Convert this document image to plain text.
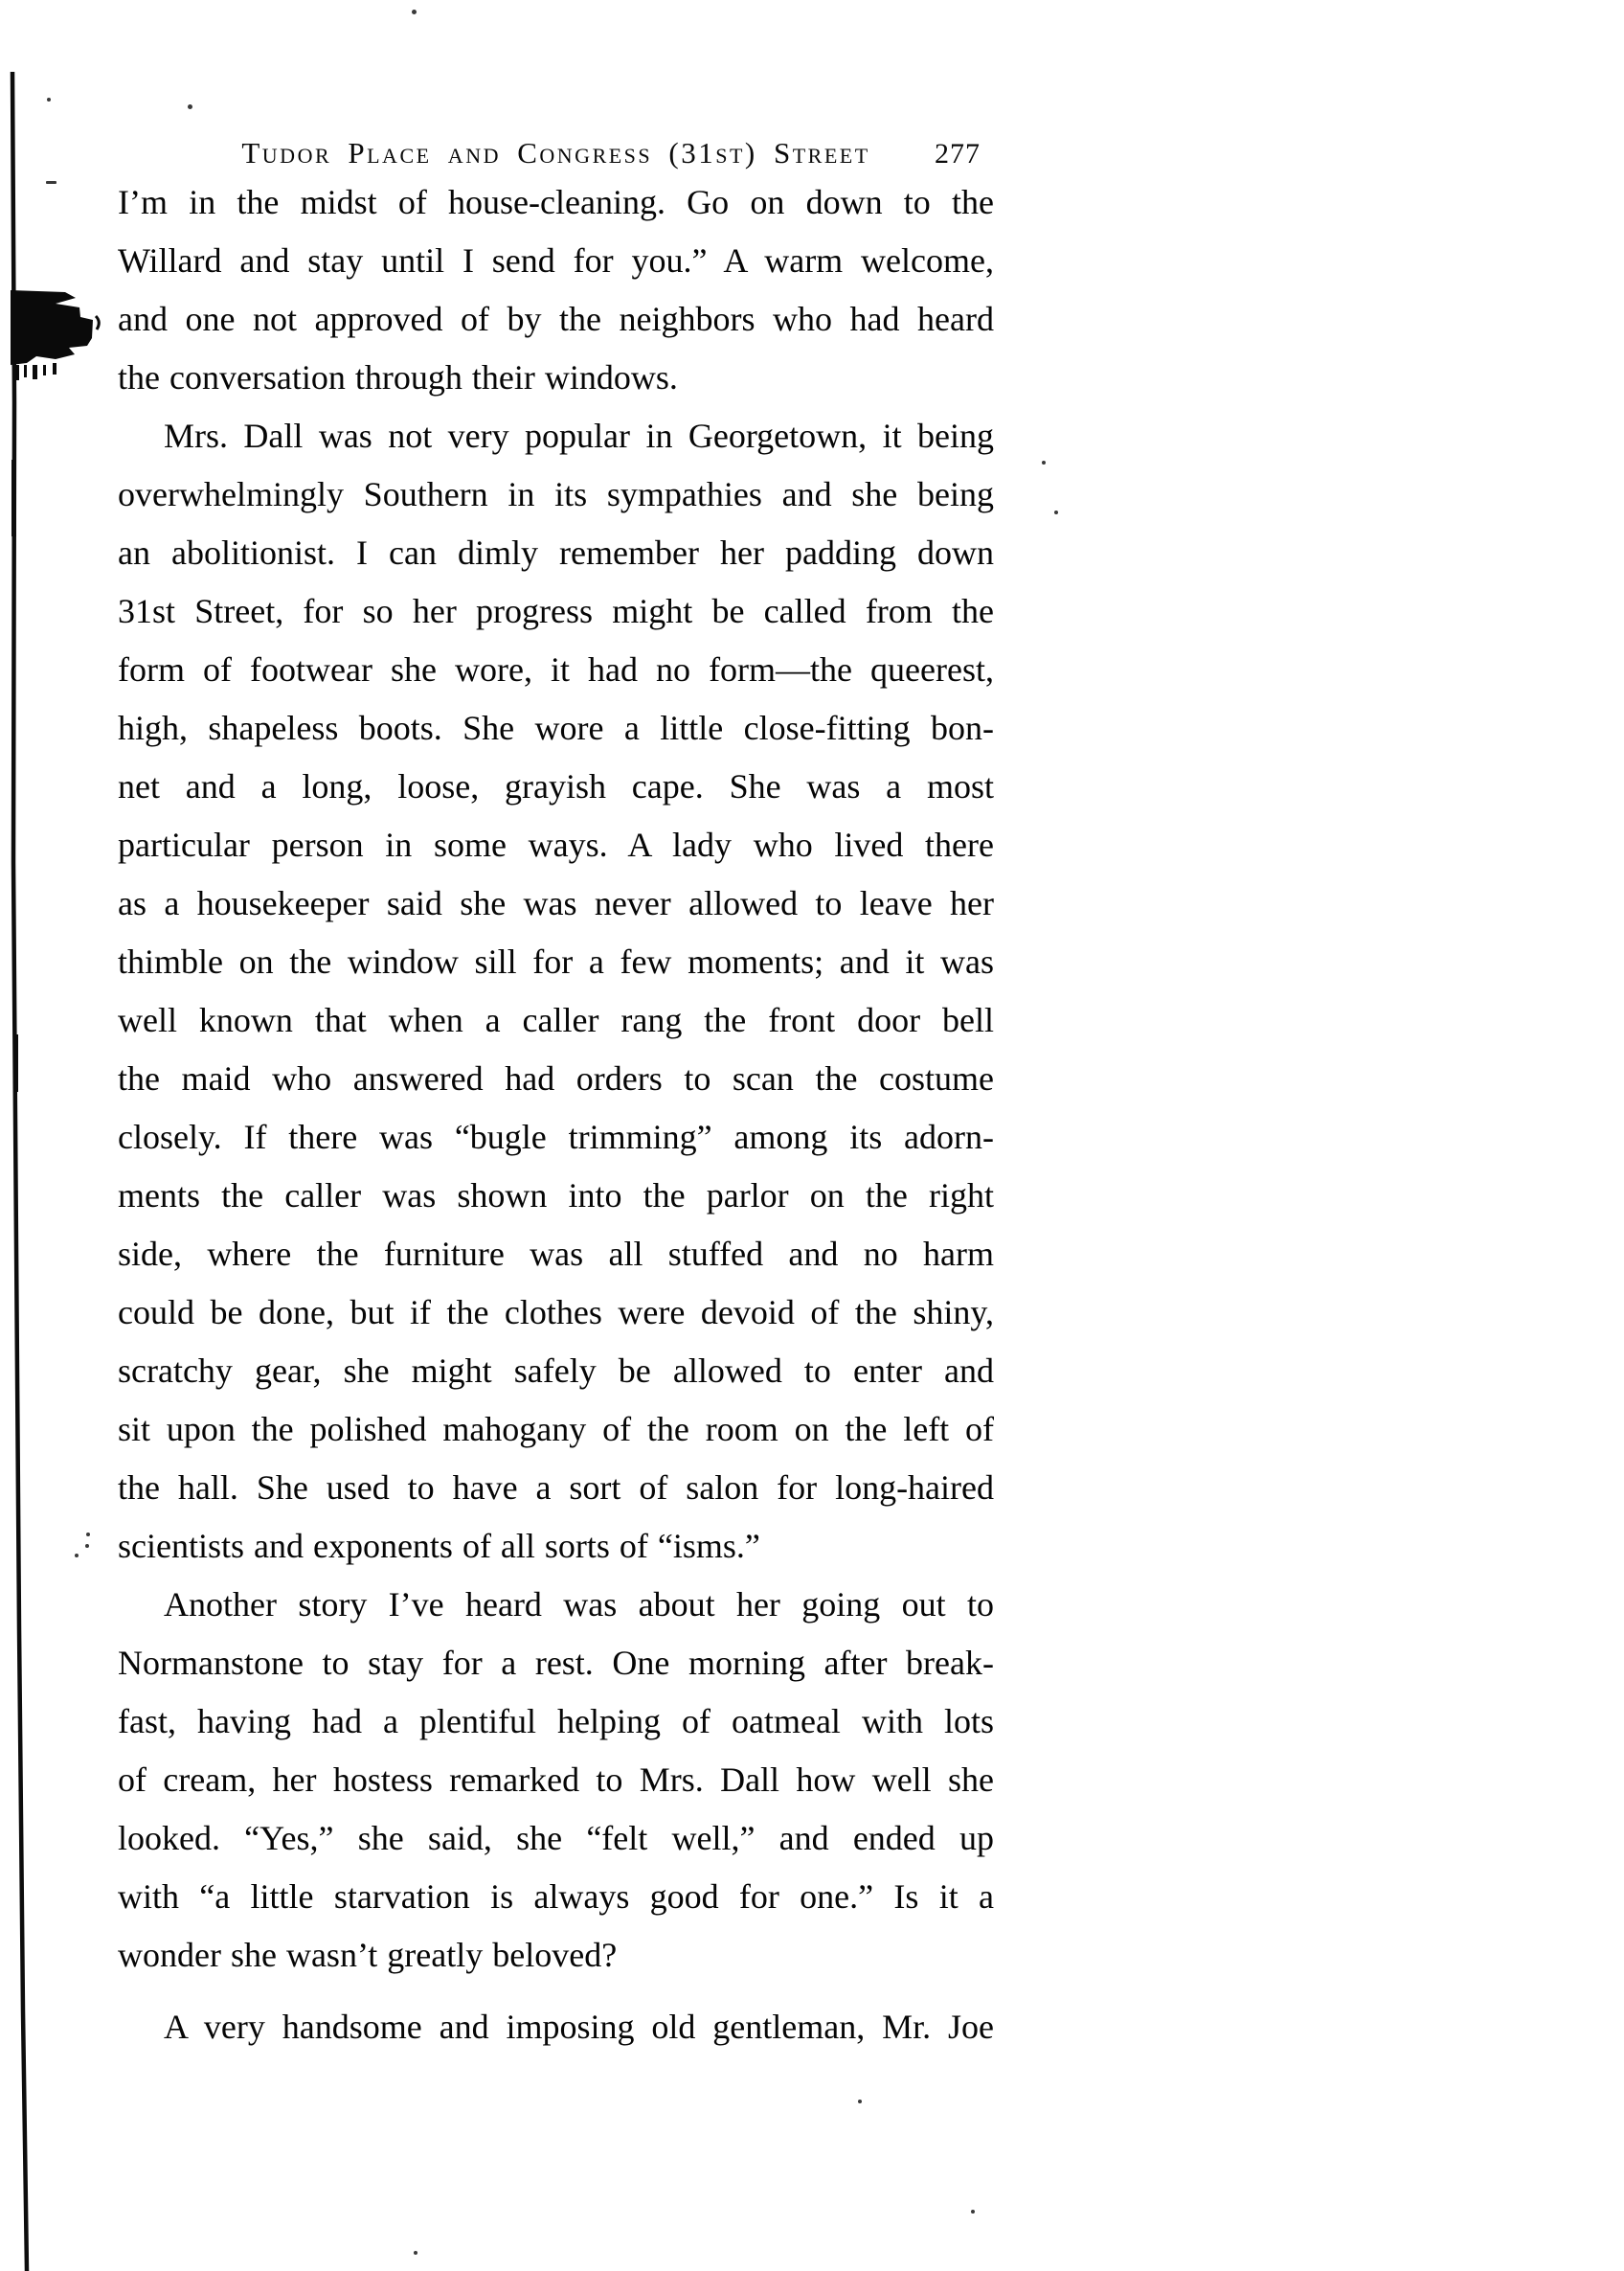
Tudor Place and Congress (31st) Street	277
I’m in the midst of house-cleaning. Go on down to the
Willard and stay until I send for you.” A warm welcome,
and one not approved of by the neighbors who had heard
the conversation through their windows.
Mrs. Dall was not very popular in Georgetown, it being
overwhelmingly Southern in its sympathies and she being
an abolitionist. I can dimly remember her padding down
31st Street, for so her progress might be called from the
form of footwear she wore, it had no form—the queerest,
high, shapeless boots. She wore a little close-fitting bon-
net and a long, loose, grayish cape. She was a most
particular person in some ways. A lady who lived there
as a housekeeper said she was never allowed to leave her
thimble on the window sill for a few moments; and it was
well known that when a caller rang the front door bell
the maid who answered had orders to scan the costume
closely. If there was “bugle trimming” among its adorn-
ments the caller was shown into the parlor on the right
side, where the furniture was all stuffed and no harm
could be done, but if the clothes were devoid of the shiny,
scratchy gear, she might safely be allowed to enter and
sit upon the polished mahogany of the room on the left of
the hall. She used to have a sort of salon for long-haired
scientists and exponents of all sorts of “isms.”
Another story I’ve heard was about her going out to
Normanstone to stay for a rest. One morning after break-
fast, having had a plentiful helping of oatmeal with lots
of cream, her hostess remarked to Mrs. Dall how well she
looked. “Yes,” she said, she “felt well,” and ended up
with “a little starvation is always good for one.” Is it a
wonder she wasn’t greatly beloved?
A very handsome and imposing old gentleman, Mr. Joe
